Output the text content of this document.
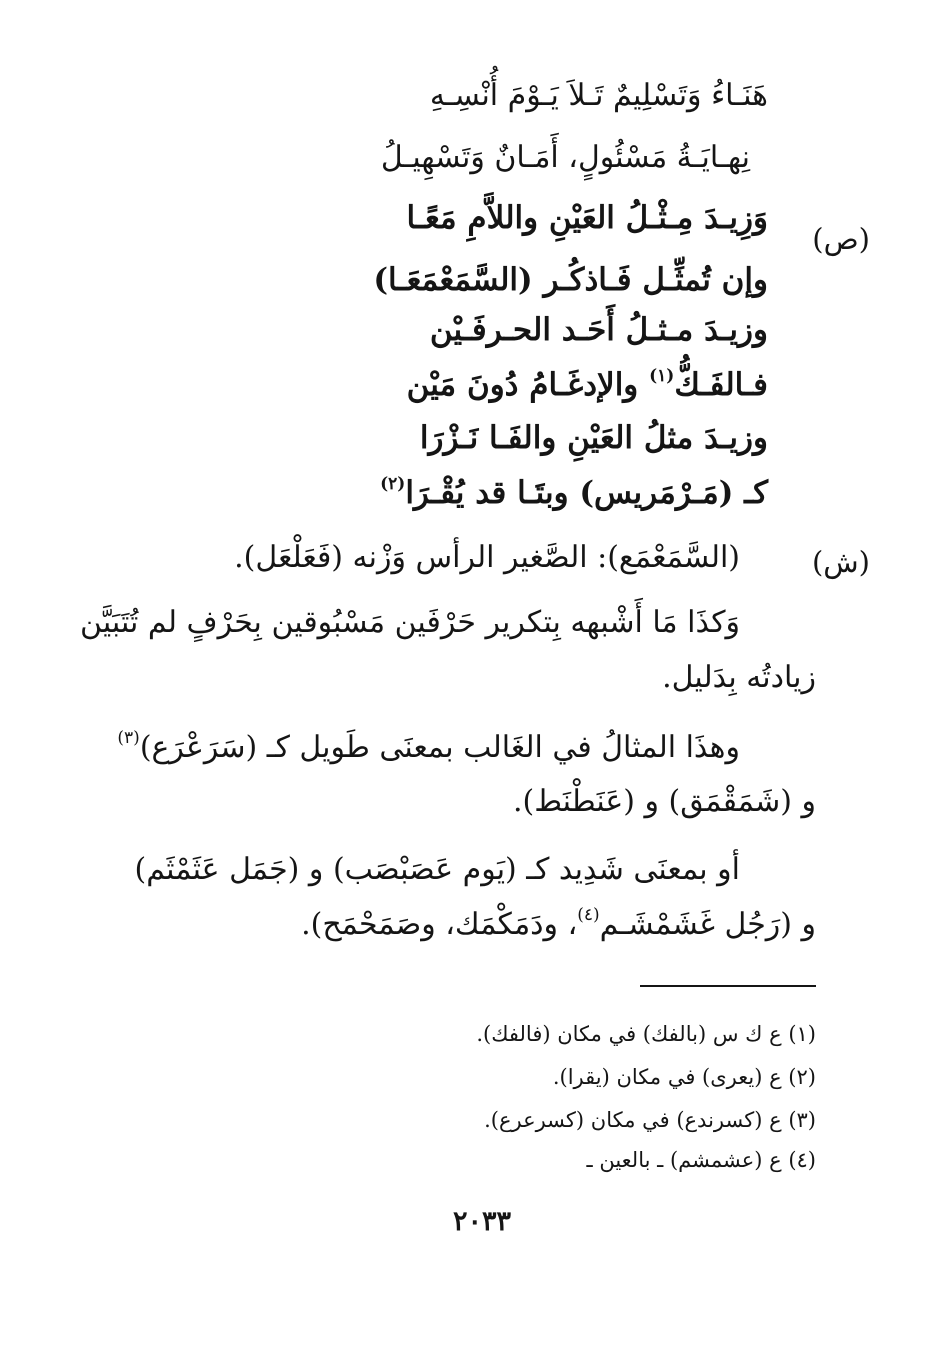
هَنَـاءُ وَتَسْلِيمٌ تَـلاَ يَـوْمَ أُنْسِـهِ
نِهـايَـةُ مَسْئُولٍ، أَمَـانٌ وَتَسْهِيـلُ
(ص)
وَزِيـدَ مِـثْـلُ العَيْنِ واللاَّمِ مَعًـا
وإن تُمثِّـل فَـاذكُـر (السَّمَعْمَعَـا)
وزيـدَ مـثـلُ أَحَـد الحـرفَـيْن
فـالفَـكُّ$^{(١)}$ والإدغَـامُ دُونَ مَيْن
وزيـدَ مثلُ العَيْنِ والفَـا نَـزْرَا
كـ (مَـرْمَريس) وبتَـا قد يُقْـرَا$^{(٢)}$
(ش)
(السَّمَعْمَع): الصَّغير الرأس وَزْنه (فَعَلْعَل).
وَكذَا مَا أَشْبهه بِتكرير حَرْفَين مَسْبُوقين بِحَرْفٍ لم تُتَبَيَّن
زيادتُه بِدَليل.
وهذَا المثالُ في الغَالب بمعنَى طَويل كـ (سَرَعْرَع)$^{(٣)}$
و (شَمَقْمَق) و (عَنَطْنَط).
أو بمعنَى شَدِيد كـ (يَوم عَصَبْصَب) و (جَمَل عَثَمْثَم)
و (رَجُل غَشَمْشَـم$^{(٤)}$، ودَمَكْمَك، وصَمَحْمَح).
(١) ع ك س (بالفك) في مكان (فالفك).
(٢) ع (يعرى) في مكان (يقرا).
(٣) ع (كسرندع) في مكان (كسرعرع).
(٤) ع (عشمشم) ـ بالعين ـ
٢٠٣٣
